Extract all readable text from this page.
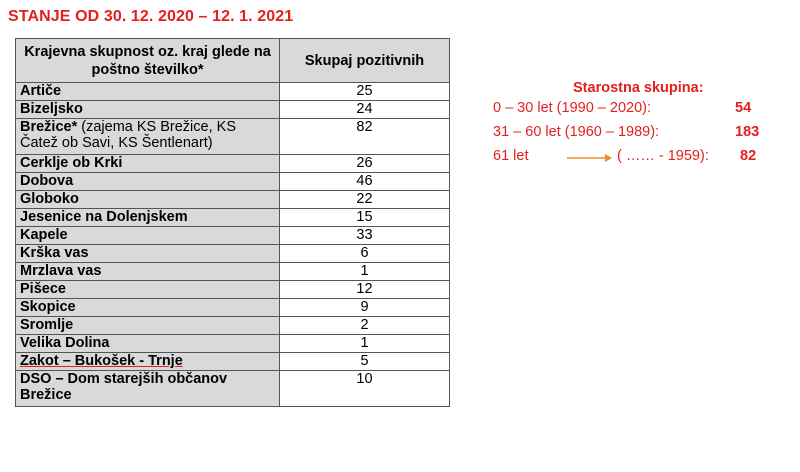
STANJE OD 30. 12. 2020 – 12. 1. 2021
Krajevna skupnost oz. kraj glede na poštno številko*	Skupaj pozitivnih
Artiče	25
Bizeljsko	24
Brežice* (zajema KS Brežice, KS Čatež ob Savi, KS Šentlenart)	82
Cerklje ob Krki	26
Dobova	46
Globoko	22
Jesenice na Dolenjskem	15
Kapele	33
Krška vas	6
Mrzlava vas	1
Pišece	12
Skopice	9
Sromlje	2
Velika Dolina	1
Zakot – Bukošek - Trnje	5
DSO – Dom starejših občanov Brežice	10
Starostna skupina:
0 – 30 let (1990 – 2020):	54
31 – 60 let (1960 – 1989):	183
61 let	( …… - 1959): 82
